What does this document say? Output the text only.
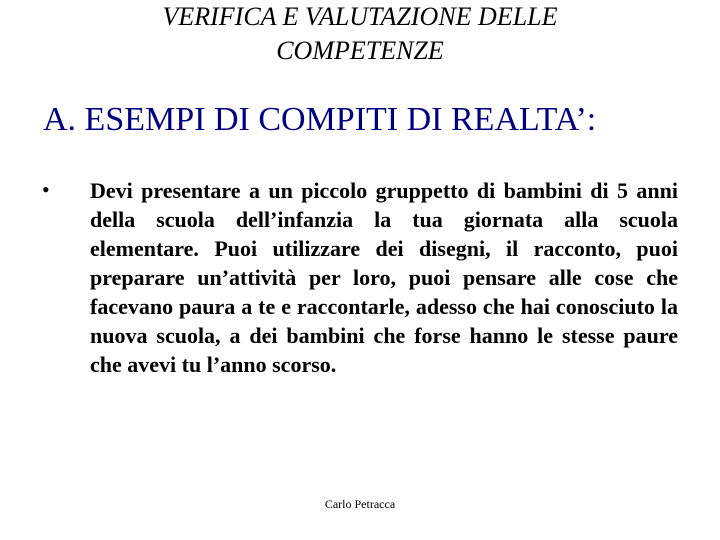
VERIFICA E VALUTAZIONE DELLE
COMPETENZE
A. ESEMPI DI COMPITI DI REALTA’:
• Devi presentare a un piccolo gruppetto di bambini di 5 anni della scuola dell’infanzia la tua giornata alla scuola elementare. Puoi utilizzare dei disegni, il racconto, puoi preparare un’attività per loro, puoi pensare alle cose che facevano paura a te e raccontarle, adesso che hai conosciuto la nuova scuola, a dei bambini che forse hanno le stesse paure che avevi tu l’anno scorso.

Carlo Petracca
